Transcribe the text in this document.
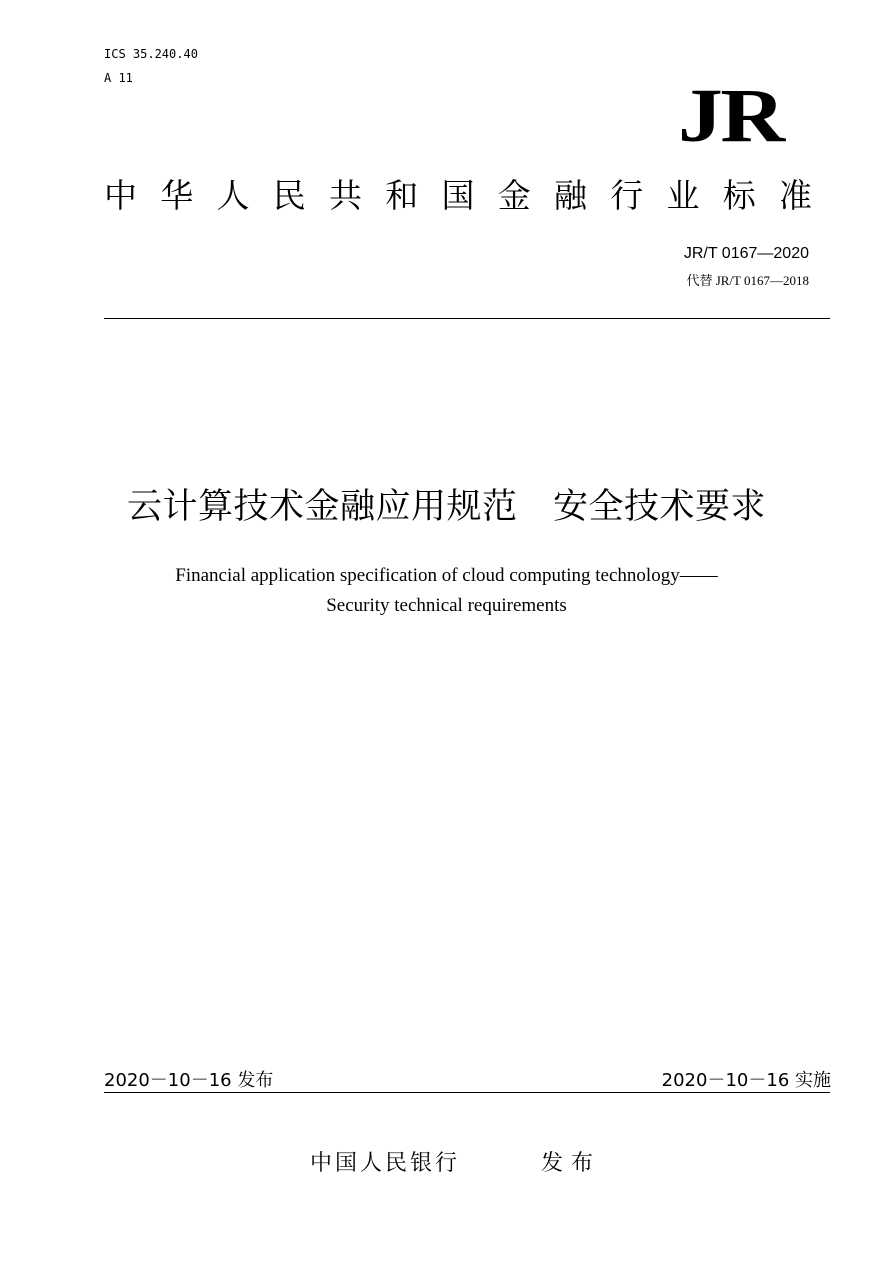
ICS 35.240.40
A 11	JR
中 华 人 民 共 和 国 金 融 行 业 标 准
JR/T 0167—2020
代替 JR/T 0167—2018
云计算技术金融应用规范　安全技术要求
Financial application specification of cloud computing technology——
Security technical requirements
2020－10－16 发布	2020－10－16 实施
中国人民银行	发布
